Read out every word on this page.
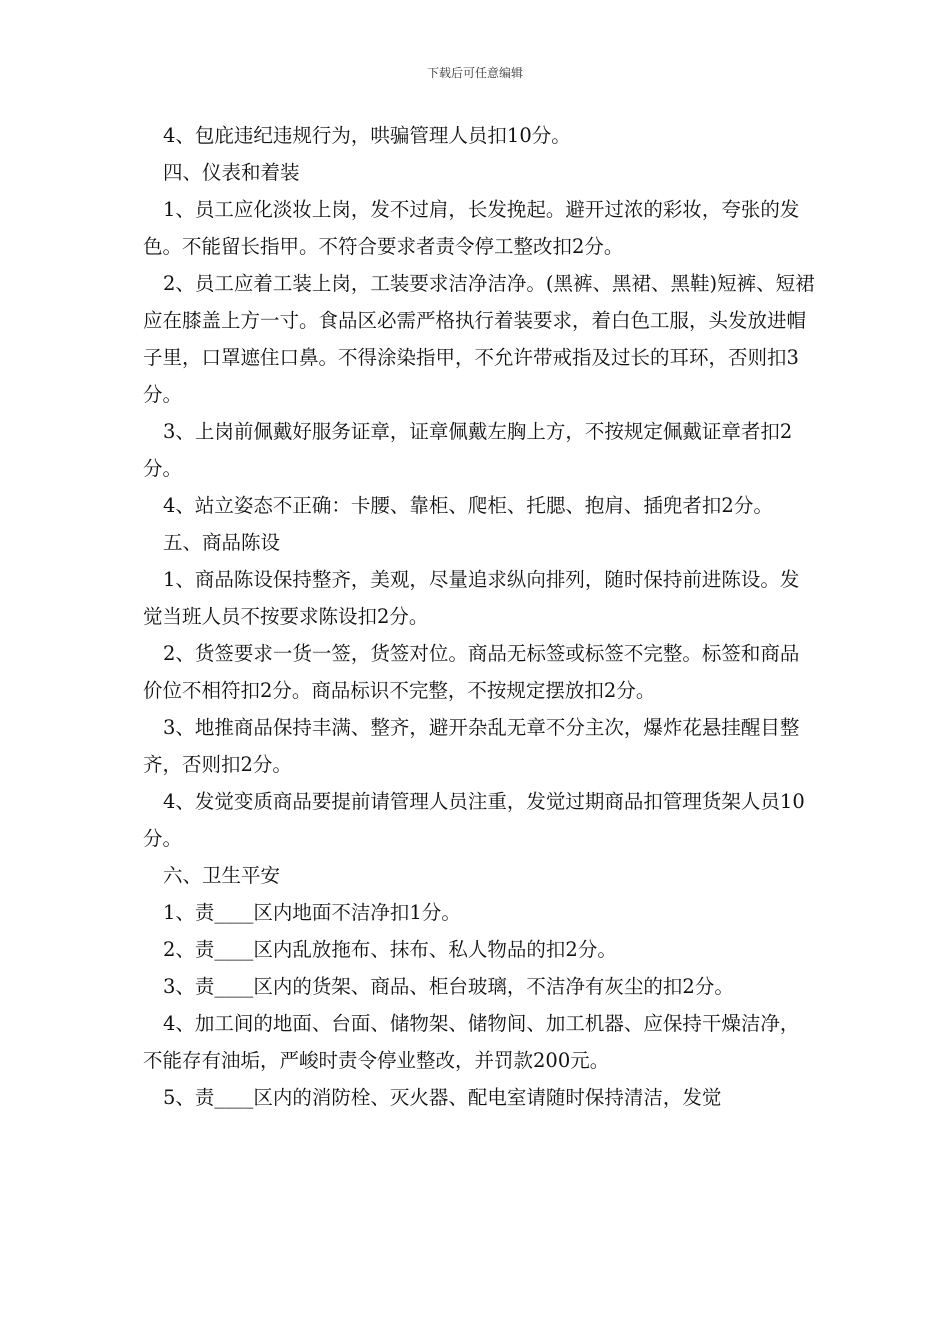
下载后可任意编辑

4、包庇违纪违规行为，哄骗管理人员扣10分。

四、仪表和着装

1、员工应化淡妆上岗，发不过肩，长发挽起。避开过浓的彩妆，夸张的发色。不能留长指甲。不符合要求者责令停工整改扣2分。

2、员工应着工装上岗，工装要求洁净洁净。(黑裤、黑裙、黑鞋)短裤、短裙应在膝盖上方一寸。食品区必需严格执行着装要求，着白色工服，头发放进帽子里，口罩遮住口鼻。不得涂染指甲，不允许带戒指及过长的耳环，否则扣3分。

3、上岗前佩戴好服务证章，证章佩戴左胸上方，不按规定佩戴证章者扣2分。

4、站立姿态不正确：卡腰、靠柜、爬柜、托腮、抱肩、插兜者扣2分。

五、商品陈设

1、商品陈设保持整齐，美观，尽量追求纵向排列，随时保持前进陈设。发觉当班人员不按要求陈设扣2分。

2、货签要求一货一签，货签对位。商品无标签或标签不完整。标签和商品价位不相符扣2分。商品标识不完整，不按规定摆放扣2分。

3、地推商品保持丰满、整齐，避开杂乱无章不分主次，爆炸花悬挂醒目整齐，否则扣2分。

4、发觉变质商品要提前请管理人员注重，发觉过期商品扣管理货架人员10分。

六、卫生平安

1、责____区内地面不洁净扣1分。

2、责____区内乱放拖布、抹布、私人物品的扣2分。

3、责____区内的货架、商品、柜台玻璃，不洁净有灰尘的扣2分。

4、加工间的地面、台面、储物架、储物间、加工机器、应保持干燥洁净，不能存有油垢，严峻时责令停业整改，并罚款200元。

5、责____区内的消防栓、灭火器、配电室请随时保持清洁，发觉
